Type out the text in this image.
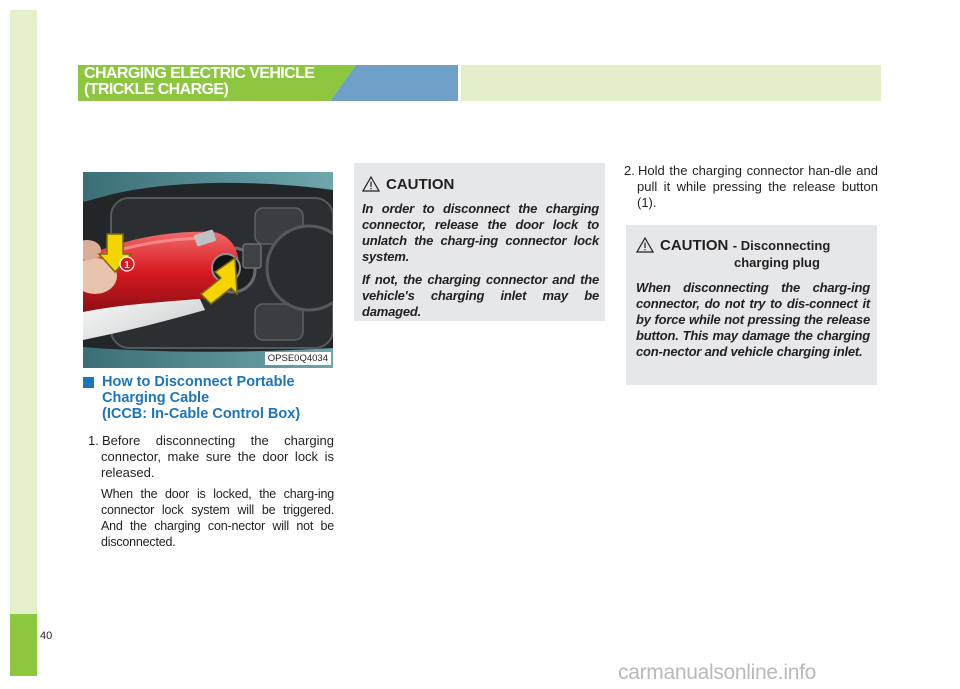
40
CHARGING ELECTRIC VEHICLE
(TRICKLE CHARGE)
1
OPSE0Q4034
How to Disconnect Portable
Charging Cable
(ICCB: In-Cable Control Box)
1. Before disconnecting the charging connector, make sure the door lock is released.
When the door is locked, the charg-ing connector lock system will be triggered. And the charging con-nector will not be disconnected.
CAUTION

In order to disconnect the charging connector, release the door lock to unlatch the charg-ing connector lock system.

If not, the charging connector and the vehicle's charging inlet may be damaged.

2. Hold the charging connector han-dle and pull it while pressing the release button (1).
CAUTION - Disconnecting
charging plug

When disconnecting the charg-ing connector, do not try to dis-connect it by force while not pressing the release button. This may damage the charging con-nector and vehicle charging inlet.

carmanualsonline.info
